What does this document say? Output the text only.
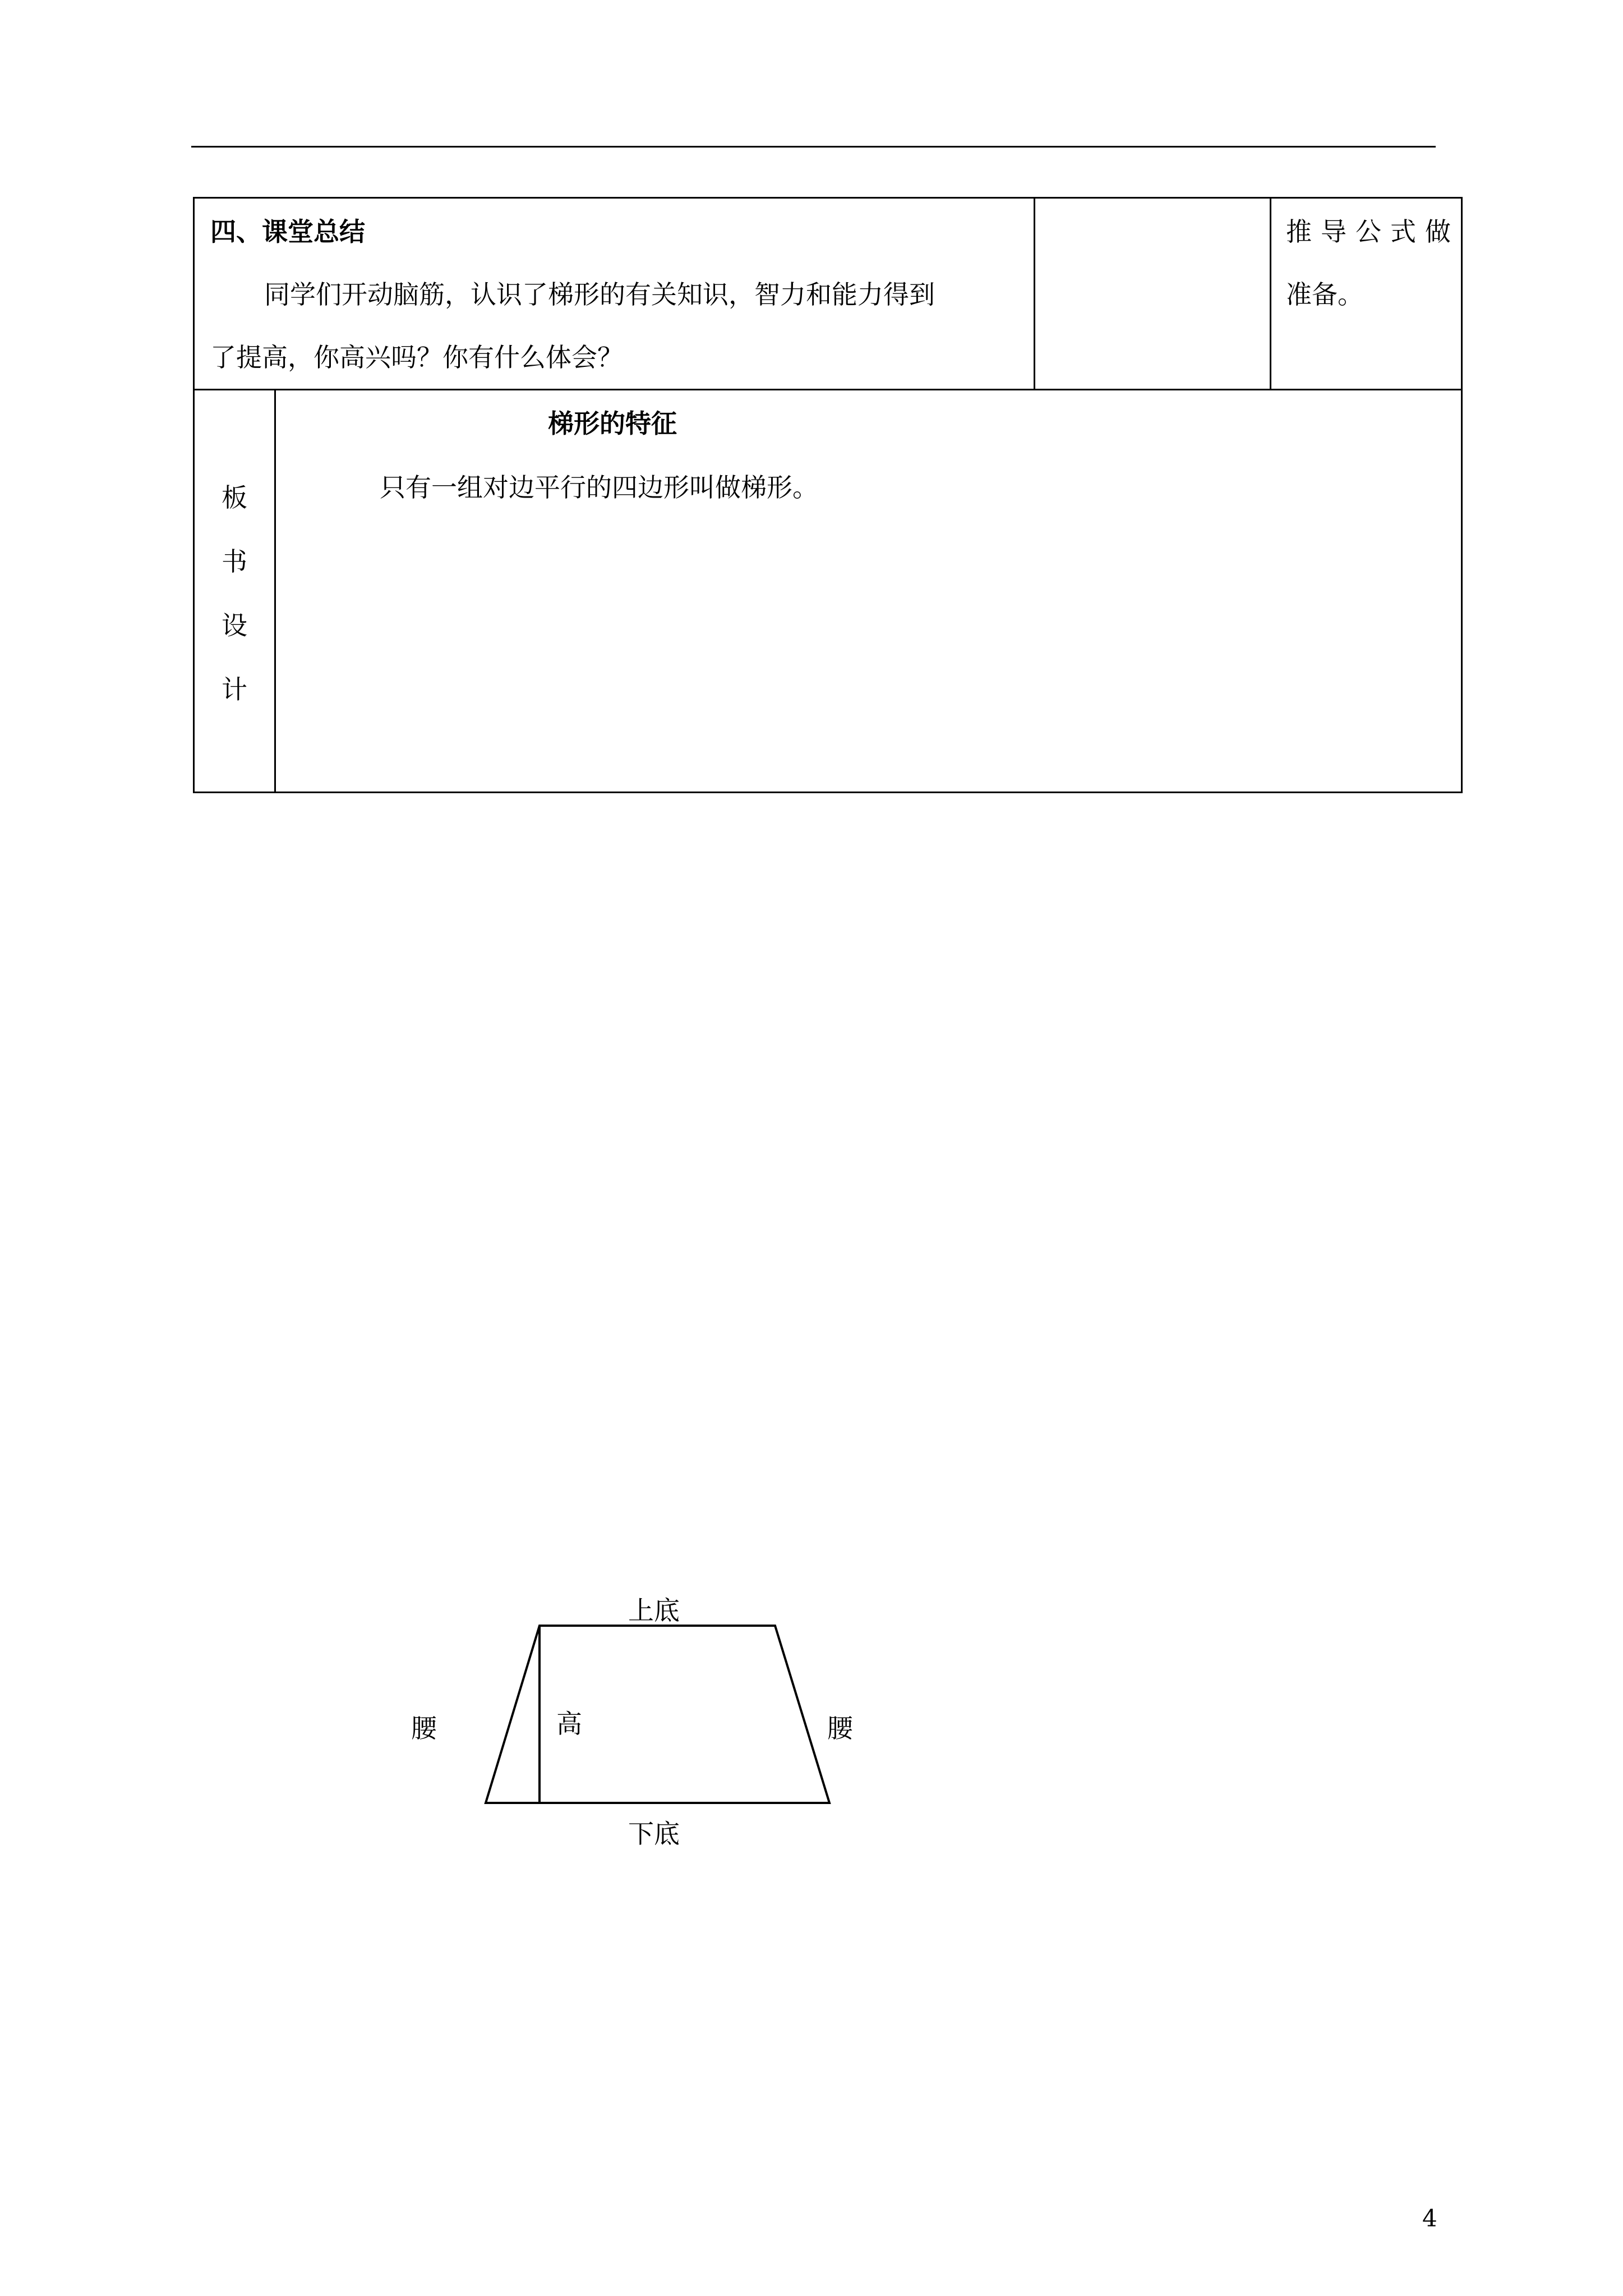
四、课堂总结
同学们开动脑筋，认识了梯形的有关知识，智力和能力得到
了提高，你高兴吗？你有什么体会？
推导公式做
准备。
板
书
设
计
梯形的特征
只有一组对边平行的四边形叫做梯形。
上底
下底
腰	腰
高
4
